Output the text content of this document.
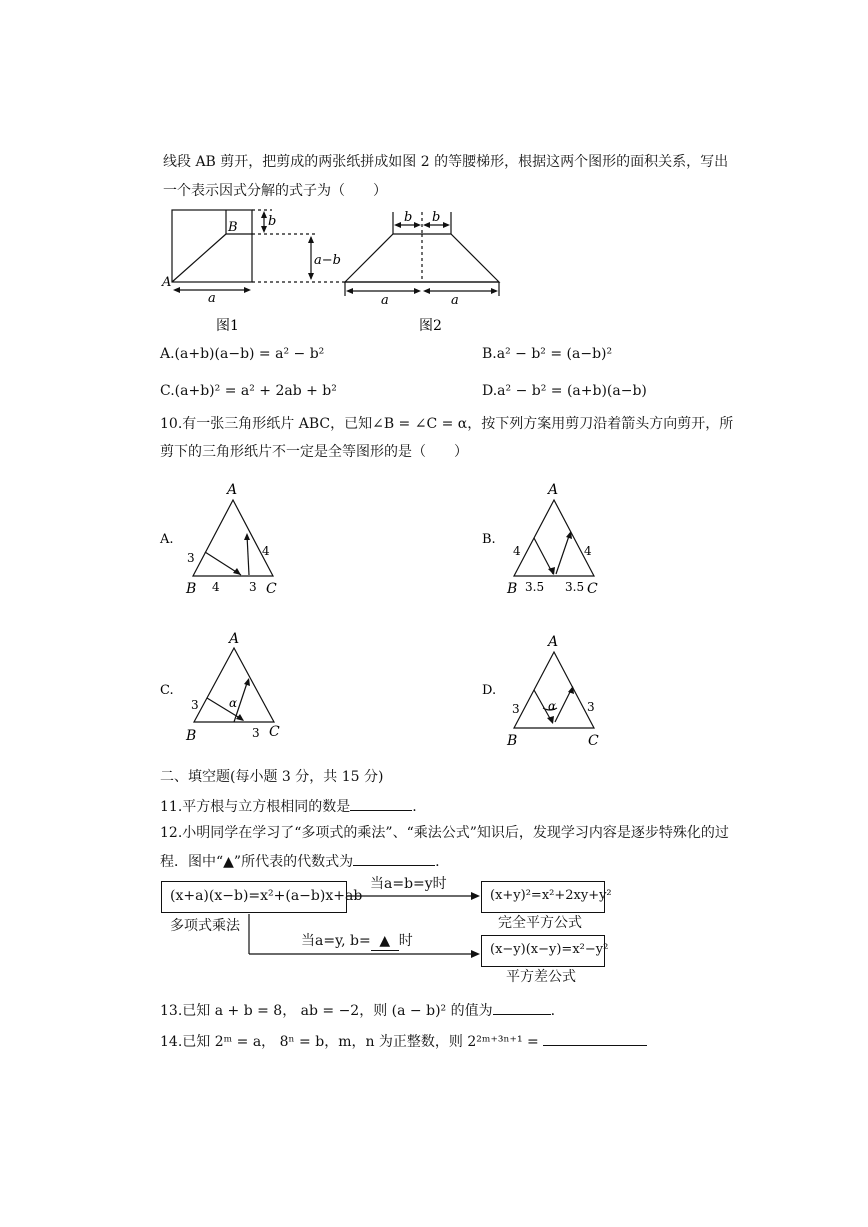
线段 AB 剪开，把剪成的两张纸拼成如图 2 的等腰梯形，根据这两个图形的面积关系，写出
一个表示因式分解的式子为（　　）
B
A
b
a−b
a
图1
b b
a	a
图2
A.(a+b)(a−b) = a² − b²	B.a² − b² = (a−b)²
C.(a+b)² = a² + 2ab + b²	D.a² − b² = (a+b)(a−b)
10.有一张三角形纸片 ABC，已知∠B = ∠C = α，按下列方案用剪刀沿着箭头方向剪开，所
剪下的三角形纸片不一定是全等图形的是（　　）
A.
A
B	C
3
4 3
4
B.
A
B	C
4
3.5 3.5
4
C.
A
B	C
3	α
3
D.
A
B	C
3 α	3
二、填空题(每小题 3 分，共 15 分)
11.平方根与立方根相同的数是	.
12.小明同学在学习了“多项式的乘法”、“乘法公式”知识后，发现学习内容是逐步特殊化的过
程．图中“▲”所代表的代数式为	.
(x+a)(x−b)=x²+(a−b)x+ab
多项式乘法
(x+y)²=x²+2xy+y²
完全平方公式
(x−y)(x−y)=x²−y²
平方差公式
当a=b=y时
当a=y, b= ▲ 时
13.已知 a + b = 8， ab = −2，则 (a − b)² 的值为	.
14.已知 2ᵐ = a， 8ⁿ = b，m，n 为正整数，则 2²ᵐ⁺³ⁿ⁺¹ =
